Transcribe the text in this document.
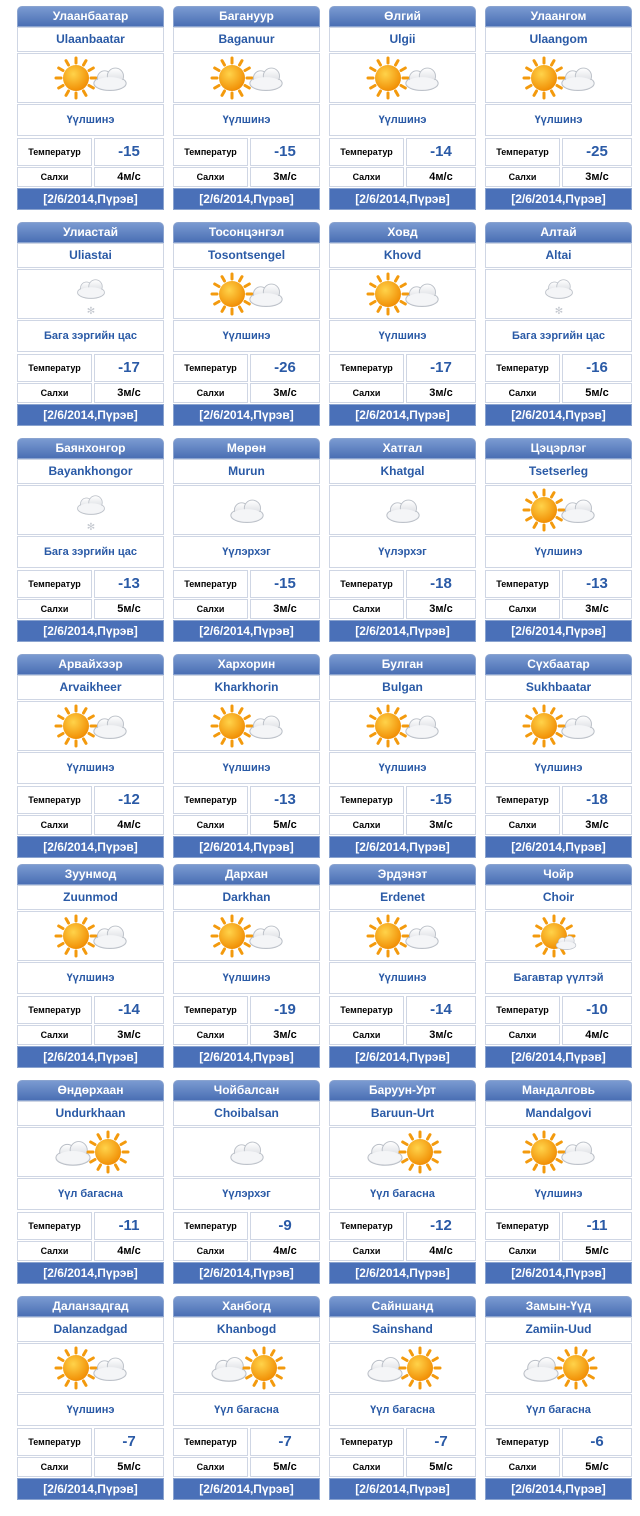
Улаанбаатар
Ulaanbaatar
Үүлшинэ
Температур	-15
Салхи	4м/с
[2/6/2014,Пүрэв]
Багануур
Baganuur
Үүлшинэ
Температур	-15
Салхи	3м/с
[2/6/2014,Пүрэв]
Өлгий
Ulgii
Үүлшинэ
Температур	-14
Салхи	4м/с
[2/6/2014,Пүрэв]
Улаангом
Ulaangom
Үүлшинэ
Температур	-25
Салхи	3м/с
[2/6/2014,Пүрэв]
Улиастай
Uliastai
✻
Бага зэргийн цас
Температур	-17
Салхи	3м/с
[2/6/2014,Пүрэв]
Тосонцэнгэл
Tosontsengel
Үүлшинэ
Температур	-26
Салхи	3м/с
[2/6/2014,Пүрэв]
Ховд
Khovd
Үүлшинэ
Температур	-17
Салхи	3м/с
[2/6/2014,Пүрэв]
Алтай
Altai
✻
Бага зэргийн цас
Температур	-16
Салхи	5м/с
[2/6/2014,Пүрэв]
Баянхонгор
Bayankhongor
✻
Бага зэргийн цас
Температур	-13
Салхи	5м/с
[2/6/2014,Пүрэв]
Мөрөн
Murun
Үүлэрхэг
Температур	-15
Салхи	3м/с
[2/6/2014,Пүрэв]
Хатгал
Khatgal
Үүлэрхэг
Температур	-18
Салхи	3м/с
[2/6/2014,Пүрэв]
Цэцэрлэг
Tsetserleg
Үүлшинэ
Температур	-13
Салхи	3м/с
[2/6/2014,Пүрэв]
Арвайхээр
Arvaikheer
Үүлшинэ
Температур	-12
Салхи	4м/с
[2/6/2014,Пүрэв]
Хархорин
Kharkhorin
Үүлшинэ
Температур	-13
Салхи	5м/с
[2/6/2014,Пүрэв]
Булган
Bulgan
Үүлшинэ
Температур	-15
Салхи	3м/с
[2/6/2014,Пүрэв]
Сүхбаатар
Sukhbaatar
Үүлшинэ
Температур	-18
Салхи	3м/с
[2/6/2014,Пүрэв]
Зуунмод
Zuunmod
Үүлшинэ
Температур	-14
Салхи	3м/с
[2/6/2014,Пүрэв]
Дархан
Darkhan
Үүлшинэ
Температур	-19
Салхи	3м/с
[2/6/2014,Пүрэв]
Эрдэнэт
Erdenet
Үүлшинэ
Температур	-14
Салхи	3м/с
[2/6/2014,Пүрэв]
Чойр
Choir
Багавтар үүлтэй
Температур	-10
Салхи	4м/с
[2/6/2014,Пүрэв]
Өндөрхаан
Undurkhaan
Үүл багасна
Температур	-11
Салхи	4м/с
[2/6/2014,Пүрэв]
Чойбалсан
Choibalsan
Үүлэрхэг
Температур	-9
Салхи	4м/с
[2/6/2014,Пүрэв]
Баруун-Урт
Baruun-Urt
Үүл багасна
Температур	-12
Салхи	4м/с
[2/6/2014,Пүрэв]
Мандалговь
Mandalgovi
Үүлшинэ
Температур	-11
Салхи	5м/с
[2/6/2014,Пүрэв]
Даланзадгад
Dalanzadgad
Үүлшинэ
Температур	-7
Салхи	5м/с
[2/6/2014,Пүрэв]
Ханбогд
Khanbogd
Үүл багасна
Температур	-7
Салхи	5м/с
[2/6/2014,Пүрэв]
Сайншанд
Sainshand
Үүл багасна
Температур	-7
Салхи	5м/с
[2/6/2014,Пүрэв]
Замын-Үүд
Zamiin-Uud
Үүл багасна
Температур	-6
Салхи	5м/с
[2/6/2014,Пүрэв]
